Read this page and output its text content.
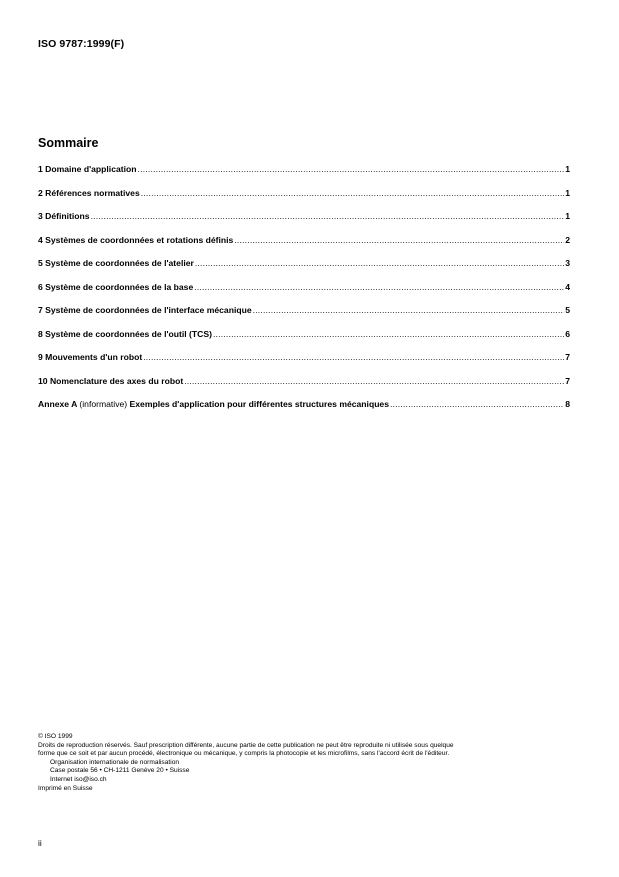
ISO 9787:1999(F)
Sommaire
1 Domaine d'application .....	1
2 Références normatives .....	1
3 Définitions .....	1
4 Systèmes de coordonnées et rotations définis .....	2
5 Système de coordonnées de l'atelier .....	3
6 Système de coordonnées de la base .....	4
7 Système de coordonnées de l'interface mécanique .....	5
8 Système de coordonnées de l'outil (TCS) .....	6
9 Mouvements d'un robot .....	7
10 Nomenclature des axes du robot .....	7
Annexe A (informative) Exemples d'application pour différentes structures mécaniques .....	8
© ISO 1999
Droits de reproduction réservés. Sauf prescription différente, aucune partie de cette publication ne peut être reproduite ni utilisée sous quelque
forme que ce soit et par aucun procédé, électronique ou mécanique, y compris la photocopie et les microfilms, sans l'accord écrit de l'éditeur.
Organisation internationale de normalisation
Case postale 56 • CH-1211 Genève 20 • Suisse
Internet iso@iso.ch
Imprimé en Suisse
ii
